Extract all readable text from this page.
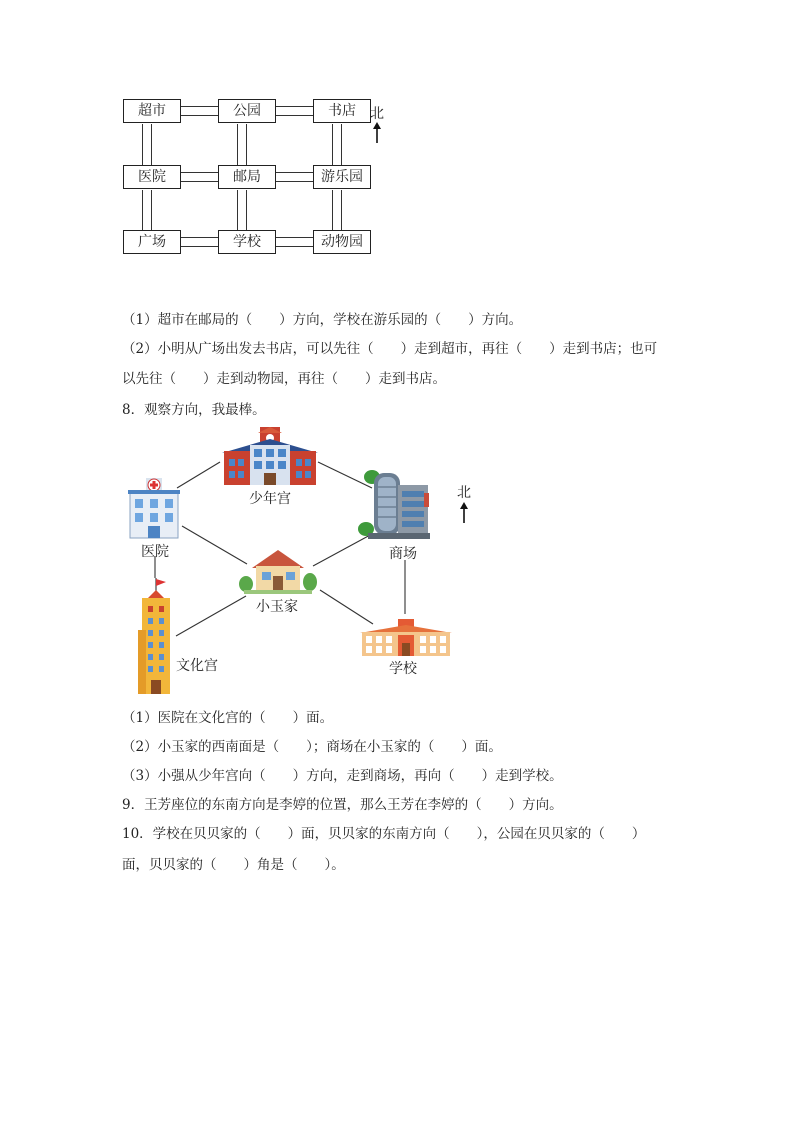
超市	公园	书店
医院	邮局	游乐园
广场	学校	动物园
北
（1）超市在邮局的（　　）方向，学校在游乐园的（　　）方向。
（2）小明从广场出发去书店，可以先往（　　）走到超市，再往（　　）走到书店；也可
以先往（　　）走到动物园，再往（　　）走到书店。
8．观察方向，我最棒。
少年宫
医院	商场
小玉家
文化宫	学校
北
（1）医院在文化宫的（　　）面。
（2）小玉家的西南面是（　　）；商场在小玉家的（　　）面。
（3）小强从少年宫向（　　）方向，走到商场，再向（　　）走到学校。
9．王芳座位的东南方向是李婷的位置，那么王芳在李婷的（　　）方向。
10．学校在贝贝家的（　　）面，贝贝家的东南方向（　　），公园在贝贝家的（　　）
面，贝贝家的（　　）角是（　　）。
